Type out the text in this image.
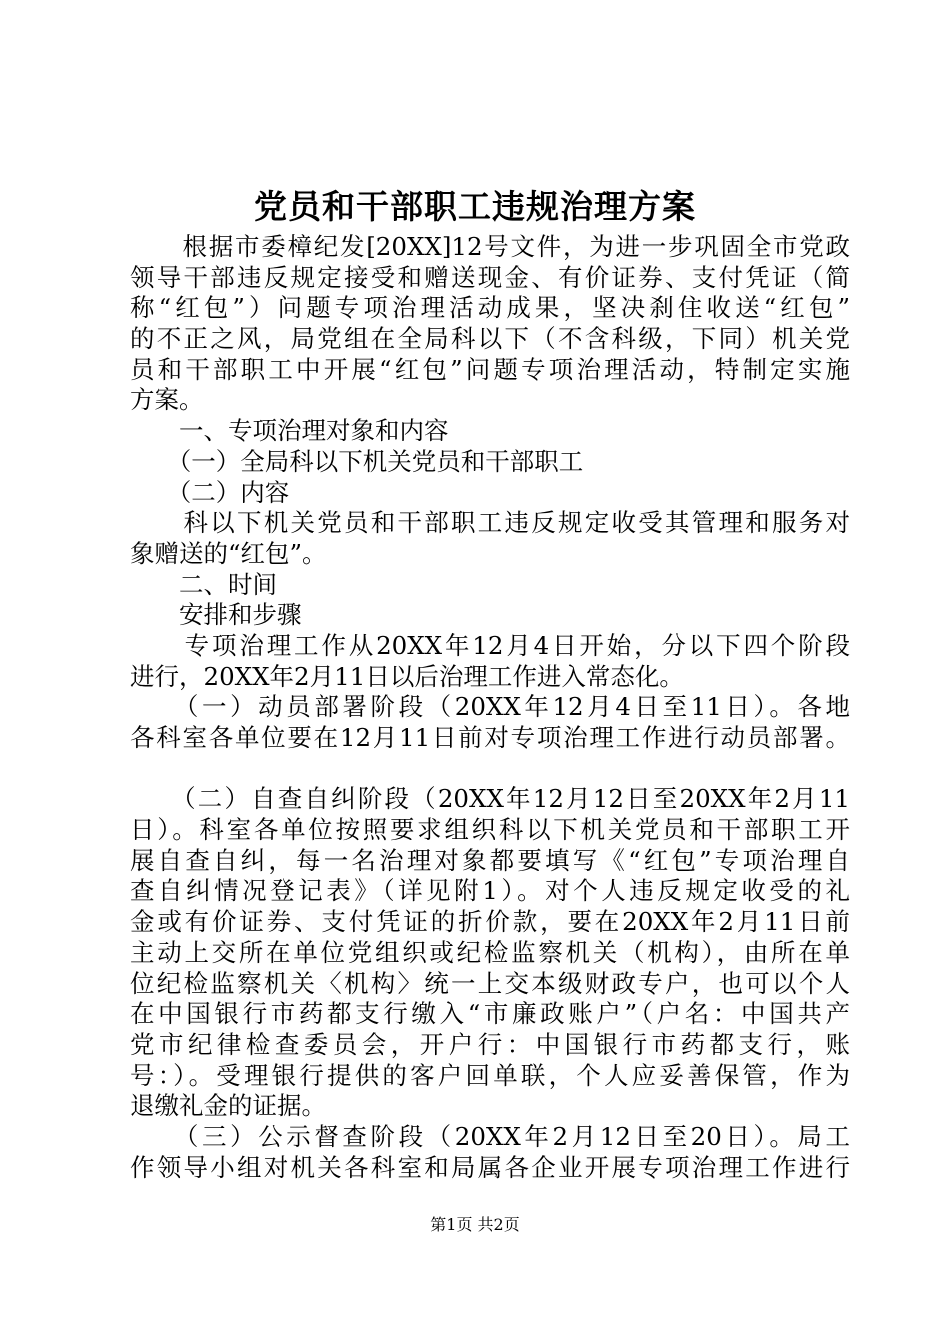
党员和干部职工违规治理方案
　　根据市委樟纪发[20XX]12号文件，为进一步巩固全市党政
领导干部违反规定接受和赠送现金、有价证券、支付凭证（简
称“红包”）问题专项治理活动成果，坚决刹住收送“红包”
的不正之风，局党组在全局科以下（不含科级，下同）机关党
员和干部职工中开展“红包”问题专项治理活动，特制定实施
方案。
　　一、专项治理对象和内容
　　（一）全局科以下机关党员和干部职工
　　（二）内容
　　科以下机关党员和干部职工违反规定收受其管理和服务对
象赠送的“红包”。
　　二、时间
　　安排和步骤
　　专项治理工作从20XX年12月4日开始，分以下四个阶段
进行，20XX年2月11日以后治理工作进入常态化。
　　（一）动员部署阶段（20XX年12月4日至11日）。各地
各科室各单位要在12月11日前对专项治理工作进行动员部署。
　　（二）自查自纠阶段（20XX年12月12日至20XX年2月11
日）。科室各单位按照要求组织科以下机关党员和干部职工开
展自查自纠，每一名治理对象都要填写《“红包”专项治理自
查自纠情况登记表》（详见附1）。对个人违反规定收受的礼
金或有价证券、支付凭证的折价款，要在20XX年2月11日前
主动上交所在单位党组织或纪检监察机关（机构），由所在单
位纪检监察机关〈机构〉统一上交本级财政专户，也可以个人
在中国银行市药都支行缴入“市廉政账户”（户名：中国共产
党市纪律检查委员会，开户行：中国银行市药都支行，账
号：）。受理银行提供的客户回单联，个人应妥善保管，作为
退缴礼金的证据。
　　（三）公示督查阶段（20XX年2月12日至20日）。局工
作领导小组对机关各科室和局属各企业开展专项治理工作进行
第1页 共2页
